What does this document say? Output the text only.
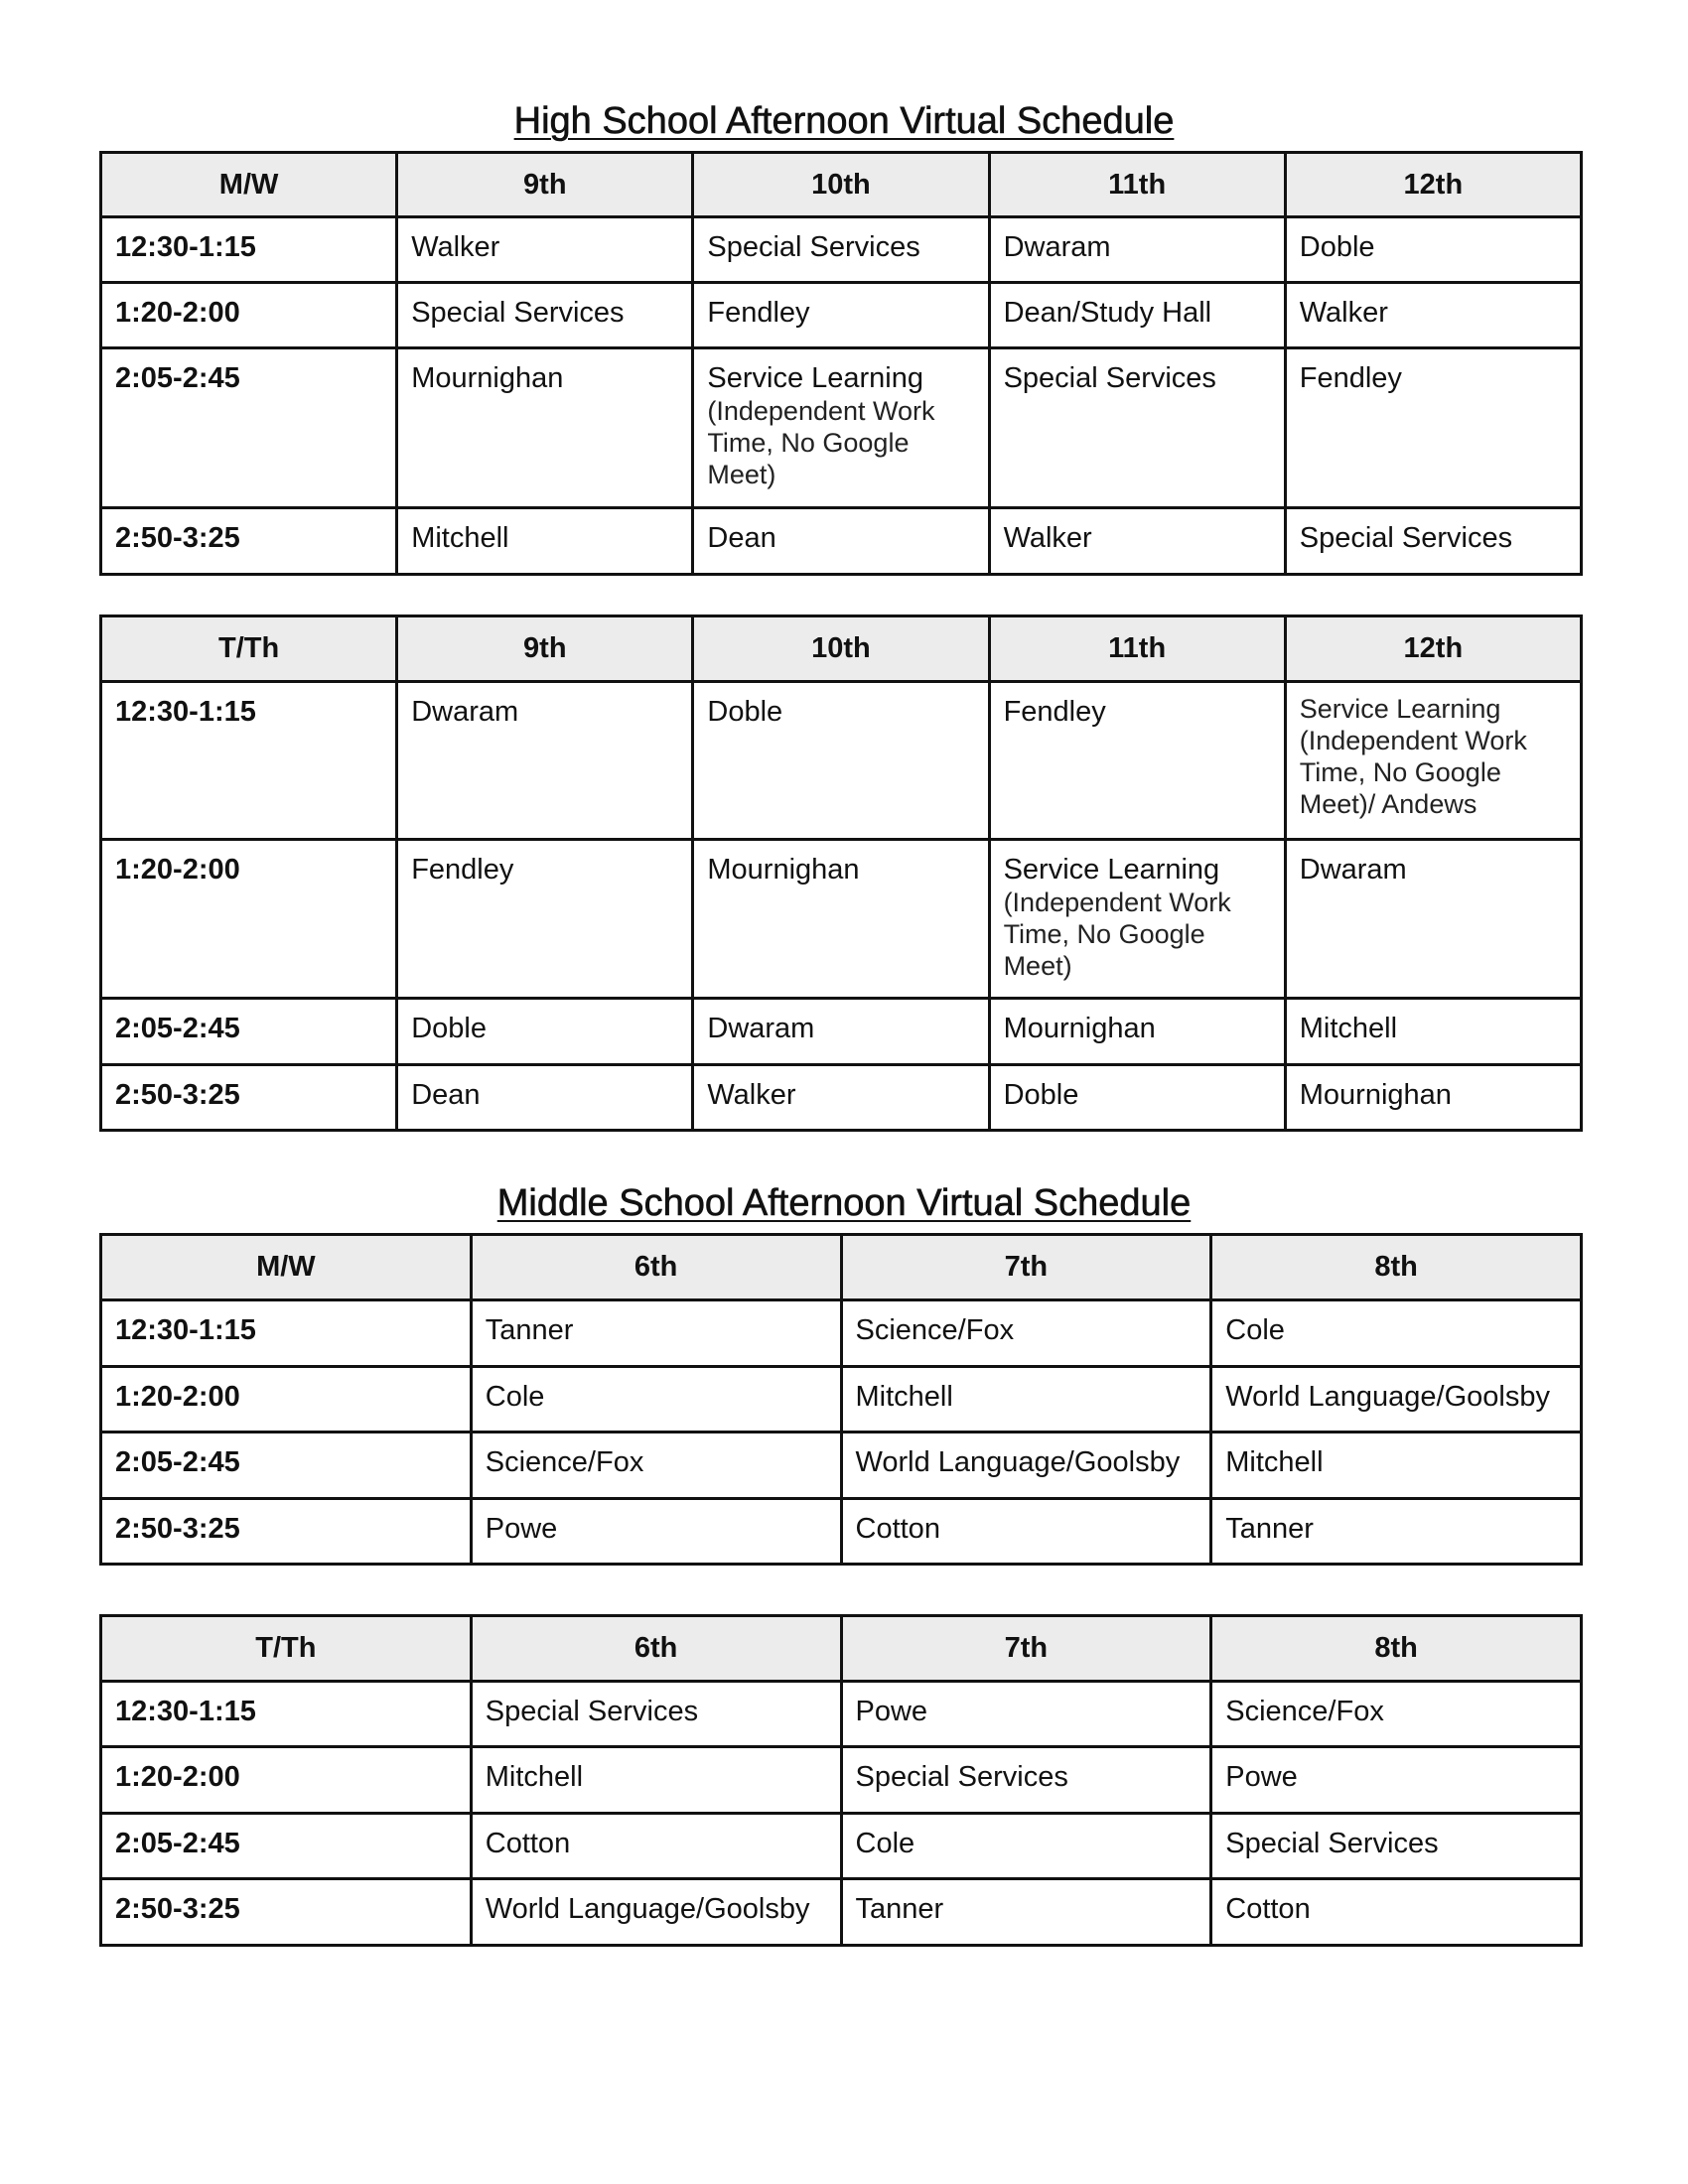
High School Afternoon Virtual Schedule
M/W	9th	10th	11th	12th

12:30-1:15	Walker	Special Services	Dwaram	Doble

1:20-2:00	Special Services	Fendley	Dean/Study Hall	Walker

2:05-2:45	Mournighan	Service Learning
(Independent Work Time, No Google Meet)	Special Services	Fendley

2:50-3:25	Mitchell	Dean	Walker	Special Services
T/Th	9th	10th	11th	12th

12:30-1:15	Dwaram	Doble	Fendley	Service Learning (Independent Work Time, No Google Meet)/ Andews

1:20-2:00	Fendley	Mournighan	Service Learning
(Independent Work Time, No Google Meet)	Dwaram

2:05-2:45	Doble	Dwaram	Mournighan	Mitchell

2:50-3:25	Dean	Walker	Doble	Mournighan
Middle School Afternoon Virtual Schedule
M/W	6th	7th	8th

12:30-1:15	Tanner	Science/Fox	Cole

1:20-2:00	Cole	Mitchell	World Language/Goolsby

2:05-2:45	Science/Fox	World Language/Goolsby	Mitchell

2:50-3:25	Powe	Cotton	Tanner
T/Th	6th	7th	8th

12:30-1:15	Special Services	Powe	Science/Fox

1:20-2:00	Mitchell	Special Services	Powe

2:05-2:45	Cotton	Cole	Special Services

2:50-3:25	World Language/Goolsby	Tanner	Cotton
